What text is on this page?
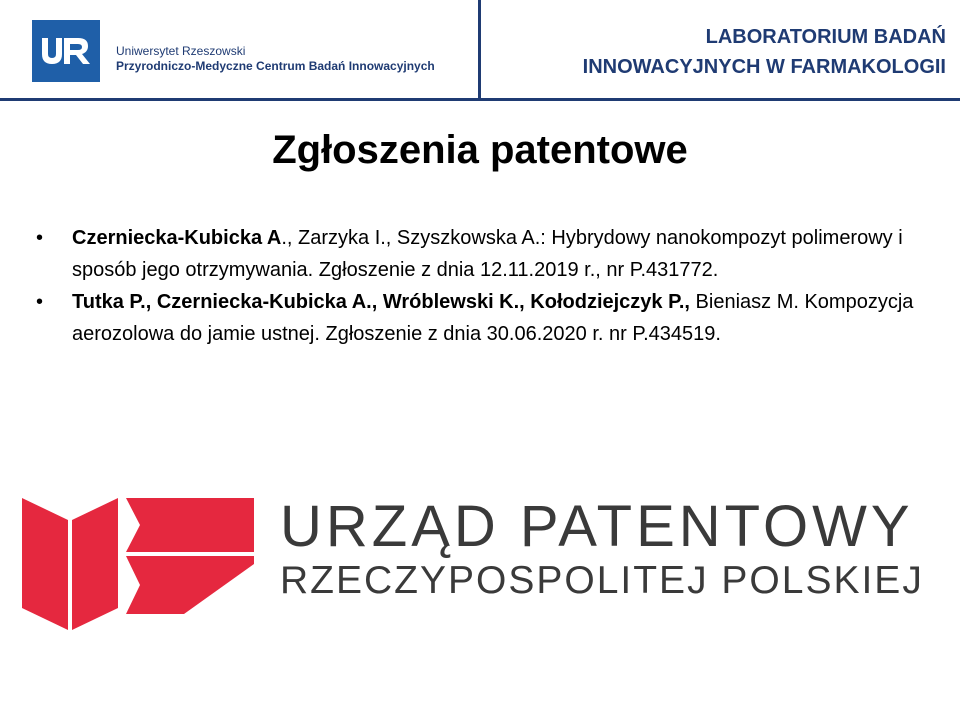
Uniwersytet Rzeszowski
Przyrodniczo-Medyczne Centrum Badań Innowacyjnych
LABORATORIUM BADAŃ
INNOWACYJNYCH W FARMAKOLOGII
Zgłoszenia patentowe
• Czerniecka-Kubicka A., Zarzyka I., Szyszkowska A.: Hybrydowy nanokompozyt polimerowy i sposób jego otrzymywania. Zgłoszenie z dnia 12.11.2019 r., nr P.431772.
• Tutka P., Czerniecka-Kubicka A., Wróblewski K., Kołodziejczyk P., Bieniasz M. Kompozycja aerozolowa do jamie ustnej. Zgłoszenie z dnia 30.06.2020 r. nr P.434519.
URZĄD PATENTOWY
RZECZYPOSPOLITEJ POLSKIEJ
